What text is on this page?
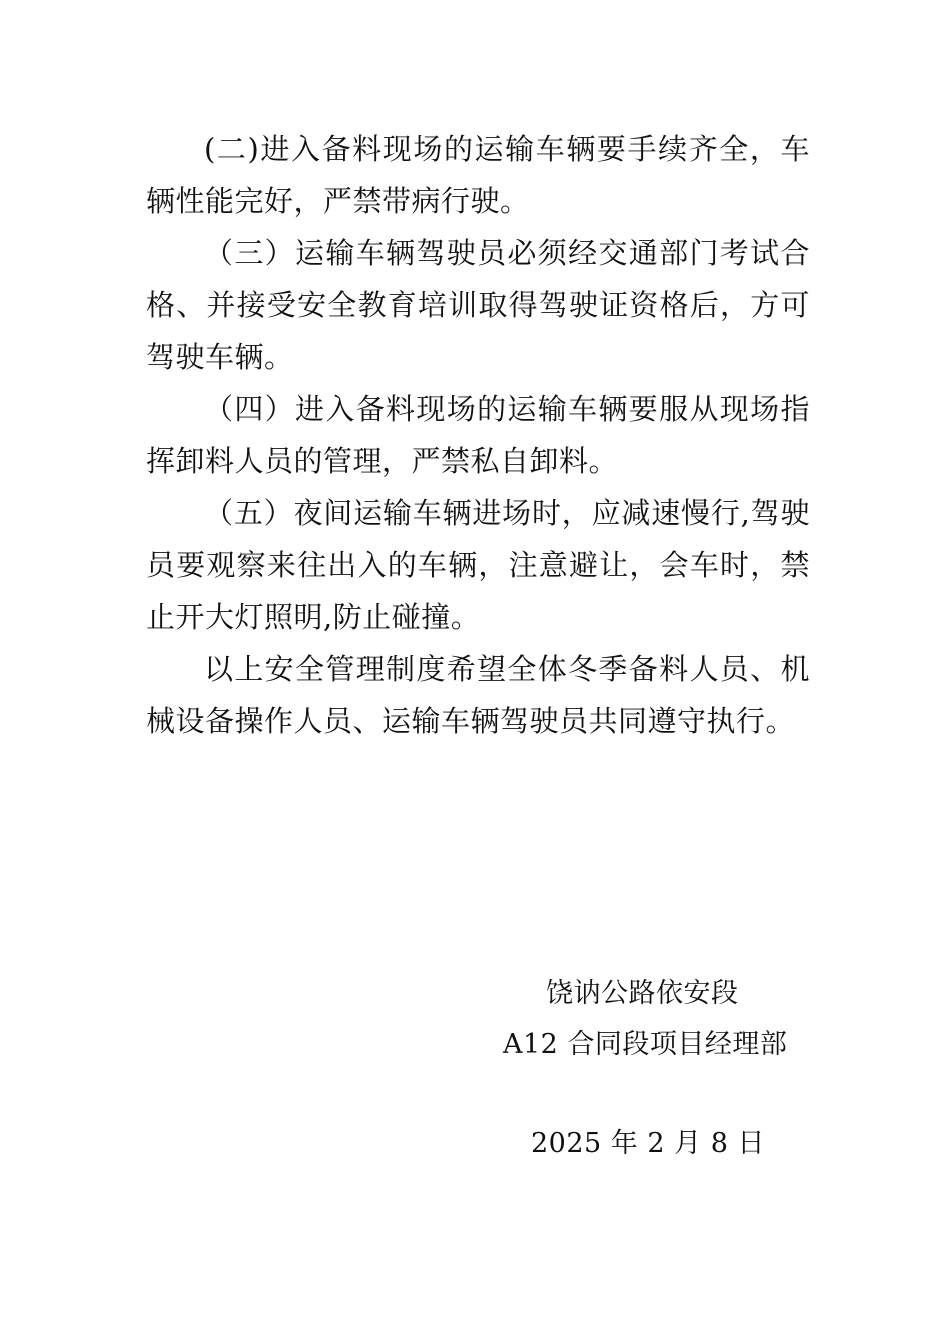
(二)进入备料现场的运输车辆要手续齐全，车辆性能完好，严禁带病行驶。

（三）运输车辆驾驶员必须经交通部门考试合格、并接受安全教育培训取得驾驶证资格后，方可驾驶车辆。

（四）进入备料现场的运输车辆要服从现场指挥卸料人员的管理，严禁私自卸料。

（五）夜间运输车辆进场时，应减速慢行,驾驶员要观察来往出入的车辆，注意避让，会车时，禁止开大灯照明,防止碰撞。

以上安全管理制度希望全体冬季备料人员、机械设备操作人员、运输车辆驾驶员共同遵守执行。

饶讷公路依安段

A12 合同段项目经理部

2025 年 2 月 8 日
